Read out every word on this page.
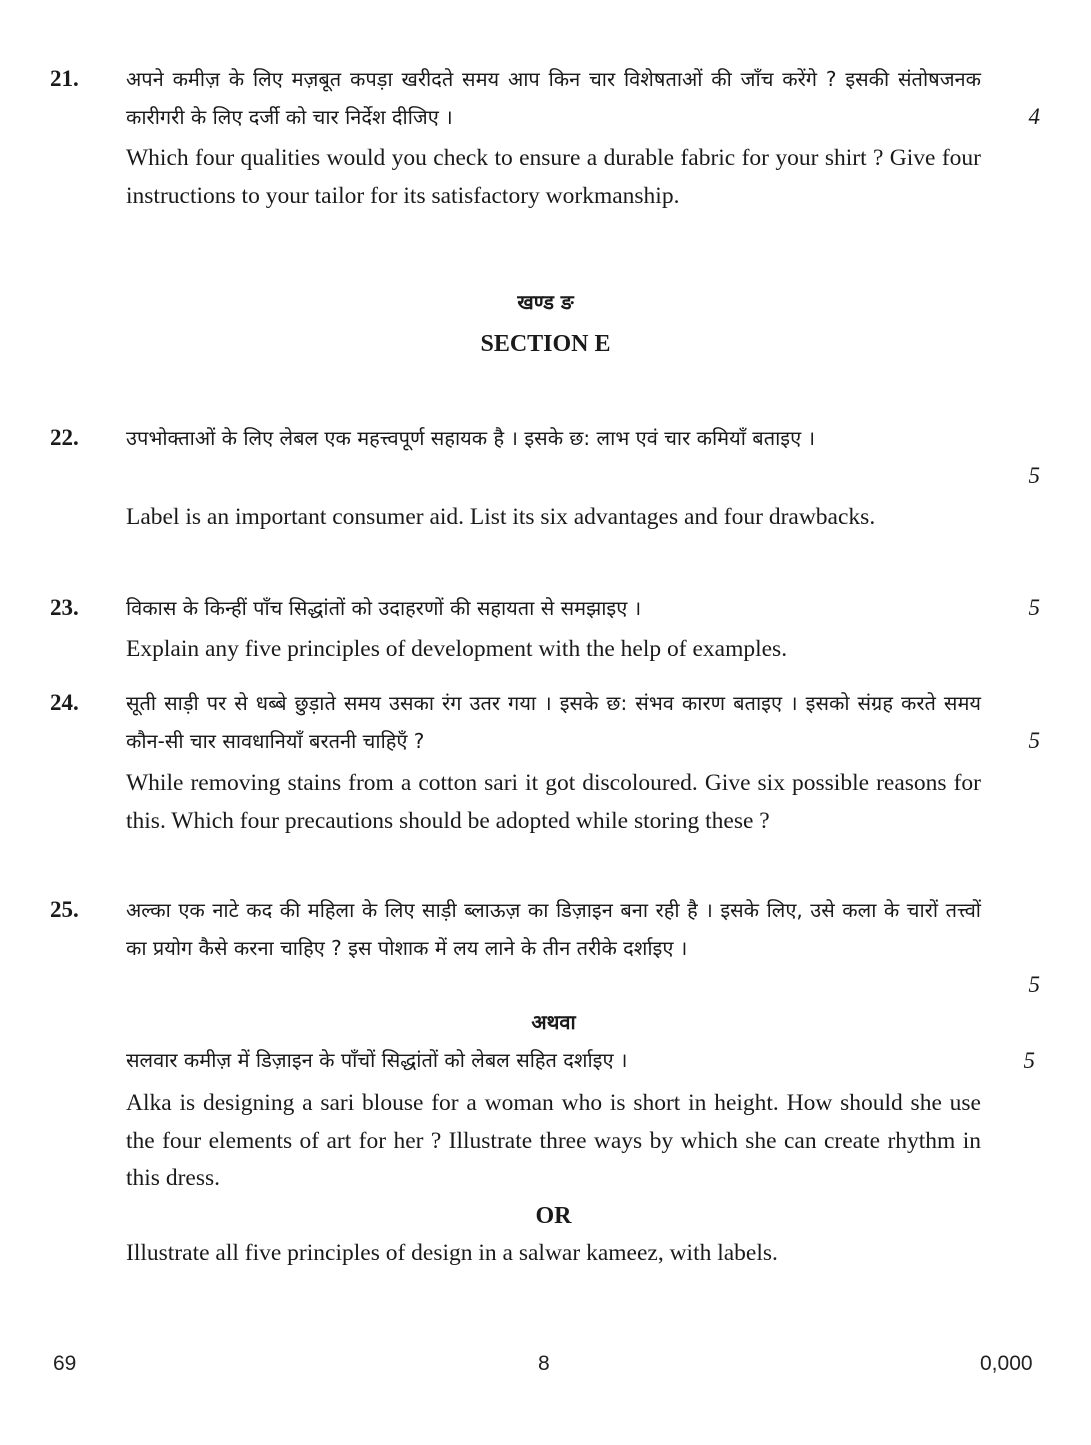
21. अपने कमीज़ के लिए मज़बूत कपड़ा खरीदते समय आप किन चार विशेषताओं की जाँच करेंगे ? इसकी संतोषजनक कारीगरी के लिए दर्जी को चार निर्देश दीजिए ।	4
Which four qualities would you check to ensure a durable fabric for your shirt ? Give four instructions to your tailor for its satisfactory workmanship.
खण्ड ङ
SECTION E
22. उपभोक्ताओं के लिए लेबल एक महत्त्वपूर्ण सहायक है । इसके छ: लाभ एवं चार कमियाँ बताइए ।
5
Label is an important consumer aid. List its six advantages and four drawbacks.
23. विकास के किन्हीं पाँच सिद्धांतों को उदाहरणों की सहायता से समझाइए ।	5
Explain any five principles of development with the help of examples.
24. सूती साड़ी पर से धब्बे छुड़ाते समय उसका रंग उतर गया । इसके छ: संभव कारण बताइए । इसको संग्रह करते समय कौन-सी चार सावधानियाँ बरतनी चाहिएँ ?	5
While removing stains from a cotton sari it got discoloured. Give six possible reasons for this. Which four precautions should be adopted while storing these ?
25. अल्का एक नाटे कद की महिला के लिए साड़ी ब्लाऊज़ का डिज़ाइन बना रही है । इसके लिए, उसे कला के चारों तत्त्वों का प्रयोग कैसे करना चाहिए ? इस पोशाक में लय लाने के तीन तरीके दर्शाइए ।
5
अथवा
सलवार कमीज़ में डिज़ाइन के पाँचों सिद्धांतों को लेबल सहित दर्शाइए ।	5
Alka is designing a sari blouse for a woman who is short in height. How should she use the four elements of art for her ? Illustrate three ways by which she can create rhythm in this dress.
OR
Illustrate all five principles of design in a salwar kameez, with labels.
69	8	0,000
